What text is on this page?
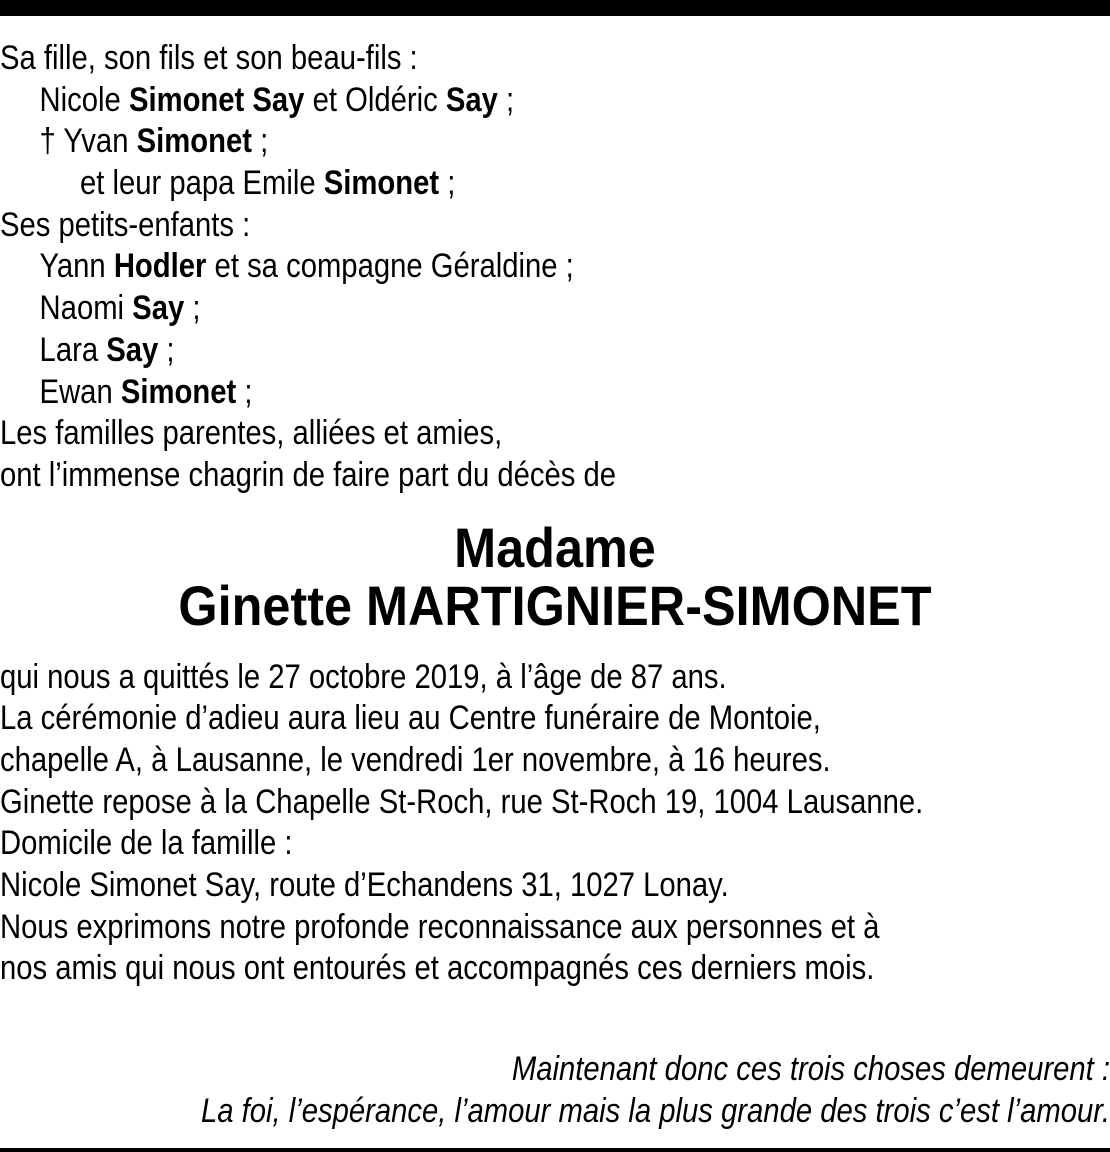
Sa fille, son fils et son beau-fils :
Nicole Simonet Say et Oldéric Say ;
† Yvan Simonet ;
et leur papa Emile Simonet ;
Ses petits-enfants :
Yann Hodler et sa compagne Géraldine ;
Naomi Say ;
Lara Say ;
Ewan Simonet ;
Les familles parentes, alliées et amies,
ont l’immense chagrin de faire part du décès de
Madame
Ginette MARTIGNIER-SIMONET
qui nous a quittés le 27 octobre 2019, à l’âge de 87 ans.
La cérémonie d’adieu aura lieu au Centre funéraire de Montoie,
chapelle A, à Lausanne, le vendredi 1er novembre, à 16 heures.
Ginette repose à la Chapelle St-Roch, rue St-Roch 19, 1004 Lausanne.
Domicile de la famille :
Nicole Simonet Say, route d’Echandens 31, 1027 Lonay.
Nous exprimons notre profonde reconnaissance aux personnes et à
nos amis qui nous ont entourés et accompagnés ces derniers mois.
Maintenant donc ces trois choses demeurent :
La foi, l’espérance, l’amour mais la plus grande des trois c’est l’amour.
